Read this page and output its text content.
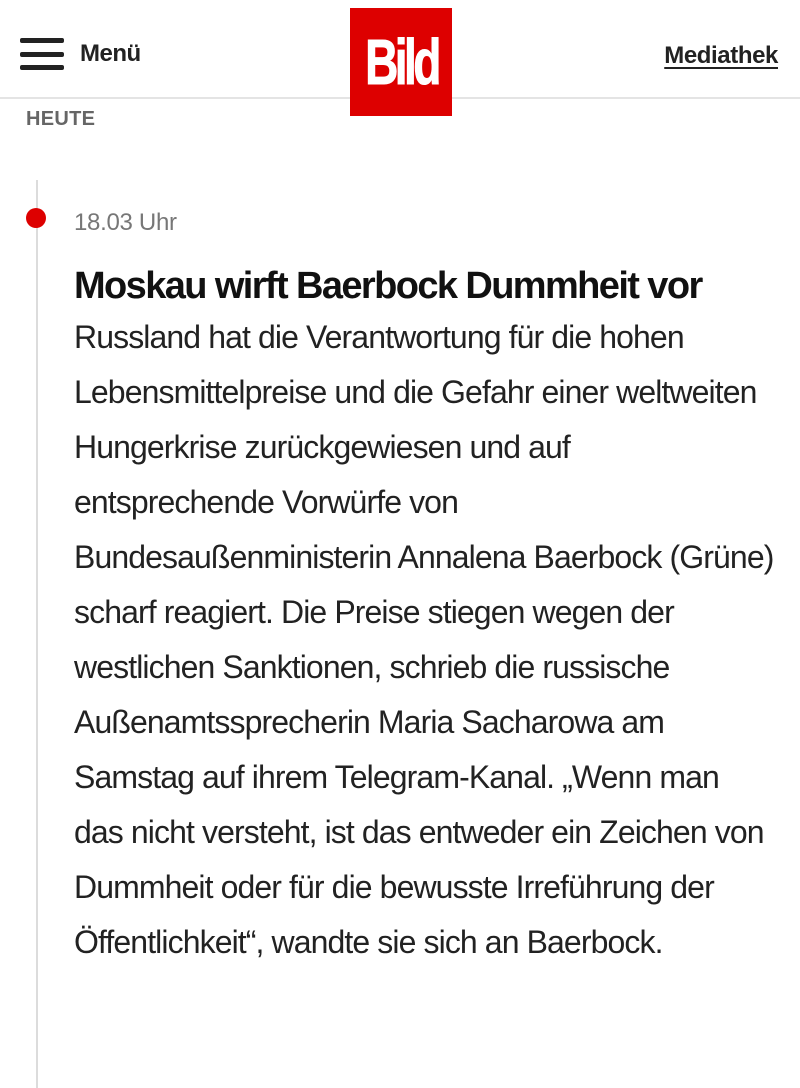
Menü	Mediathek
Bild
HEUTE

18.03 Uhr

Moskau wirft Baerbock Dummheit vor

Russland hat die Verantwortung für die hohen Lebensmittelpreise und die Gefahr einer weltweiten Hungerkrise zurückgewiesen und auf entsprechende Vorwürfe von Bundesaußenministerin Annalena Baerbock (Grüne) scharf reagiert. Die Preise stiegen wegen der westlichen Sanktionen, schrieb die russische Außenamtssprecherin Maria Sacharowa am Samstag auf ihrem Telegram-Kanal. „Wenn man das nicht versteht, ist das entweder ein Zeichen von Dummheit oder für die bewusste Irreführung der Öffentlichkeit“, wandte sie sich an Baerbock.
